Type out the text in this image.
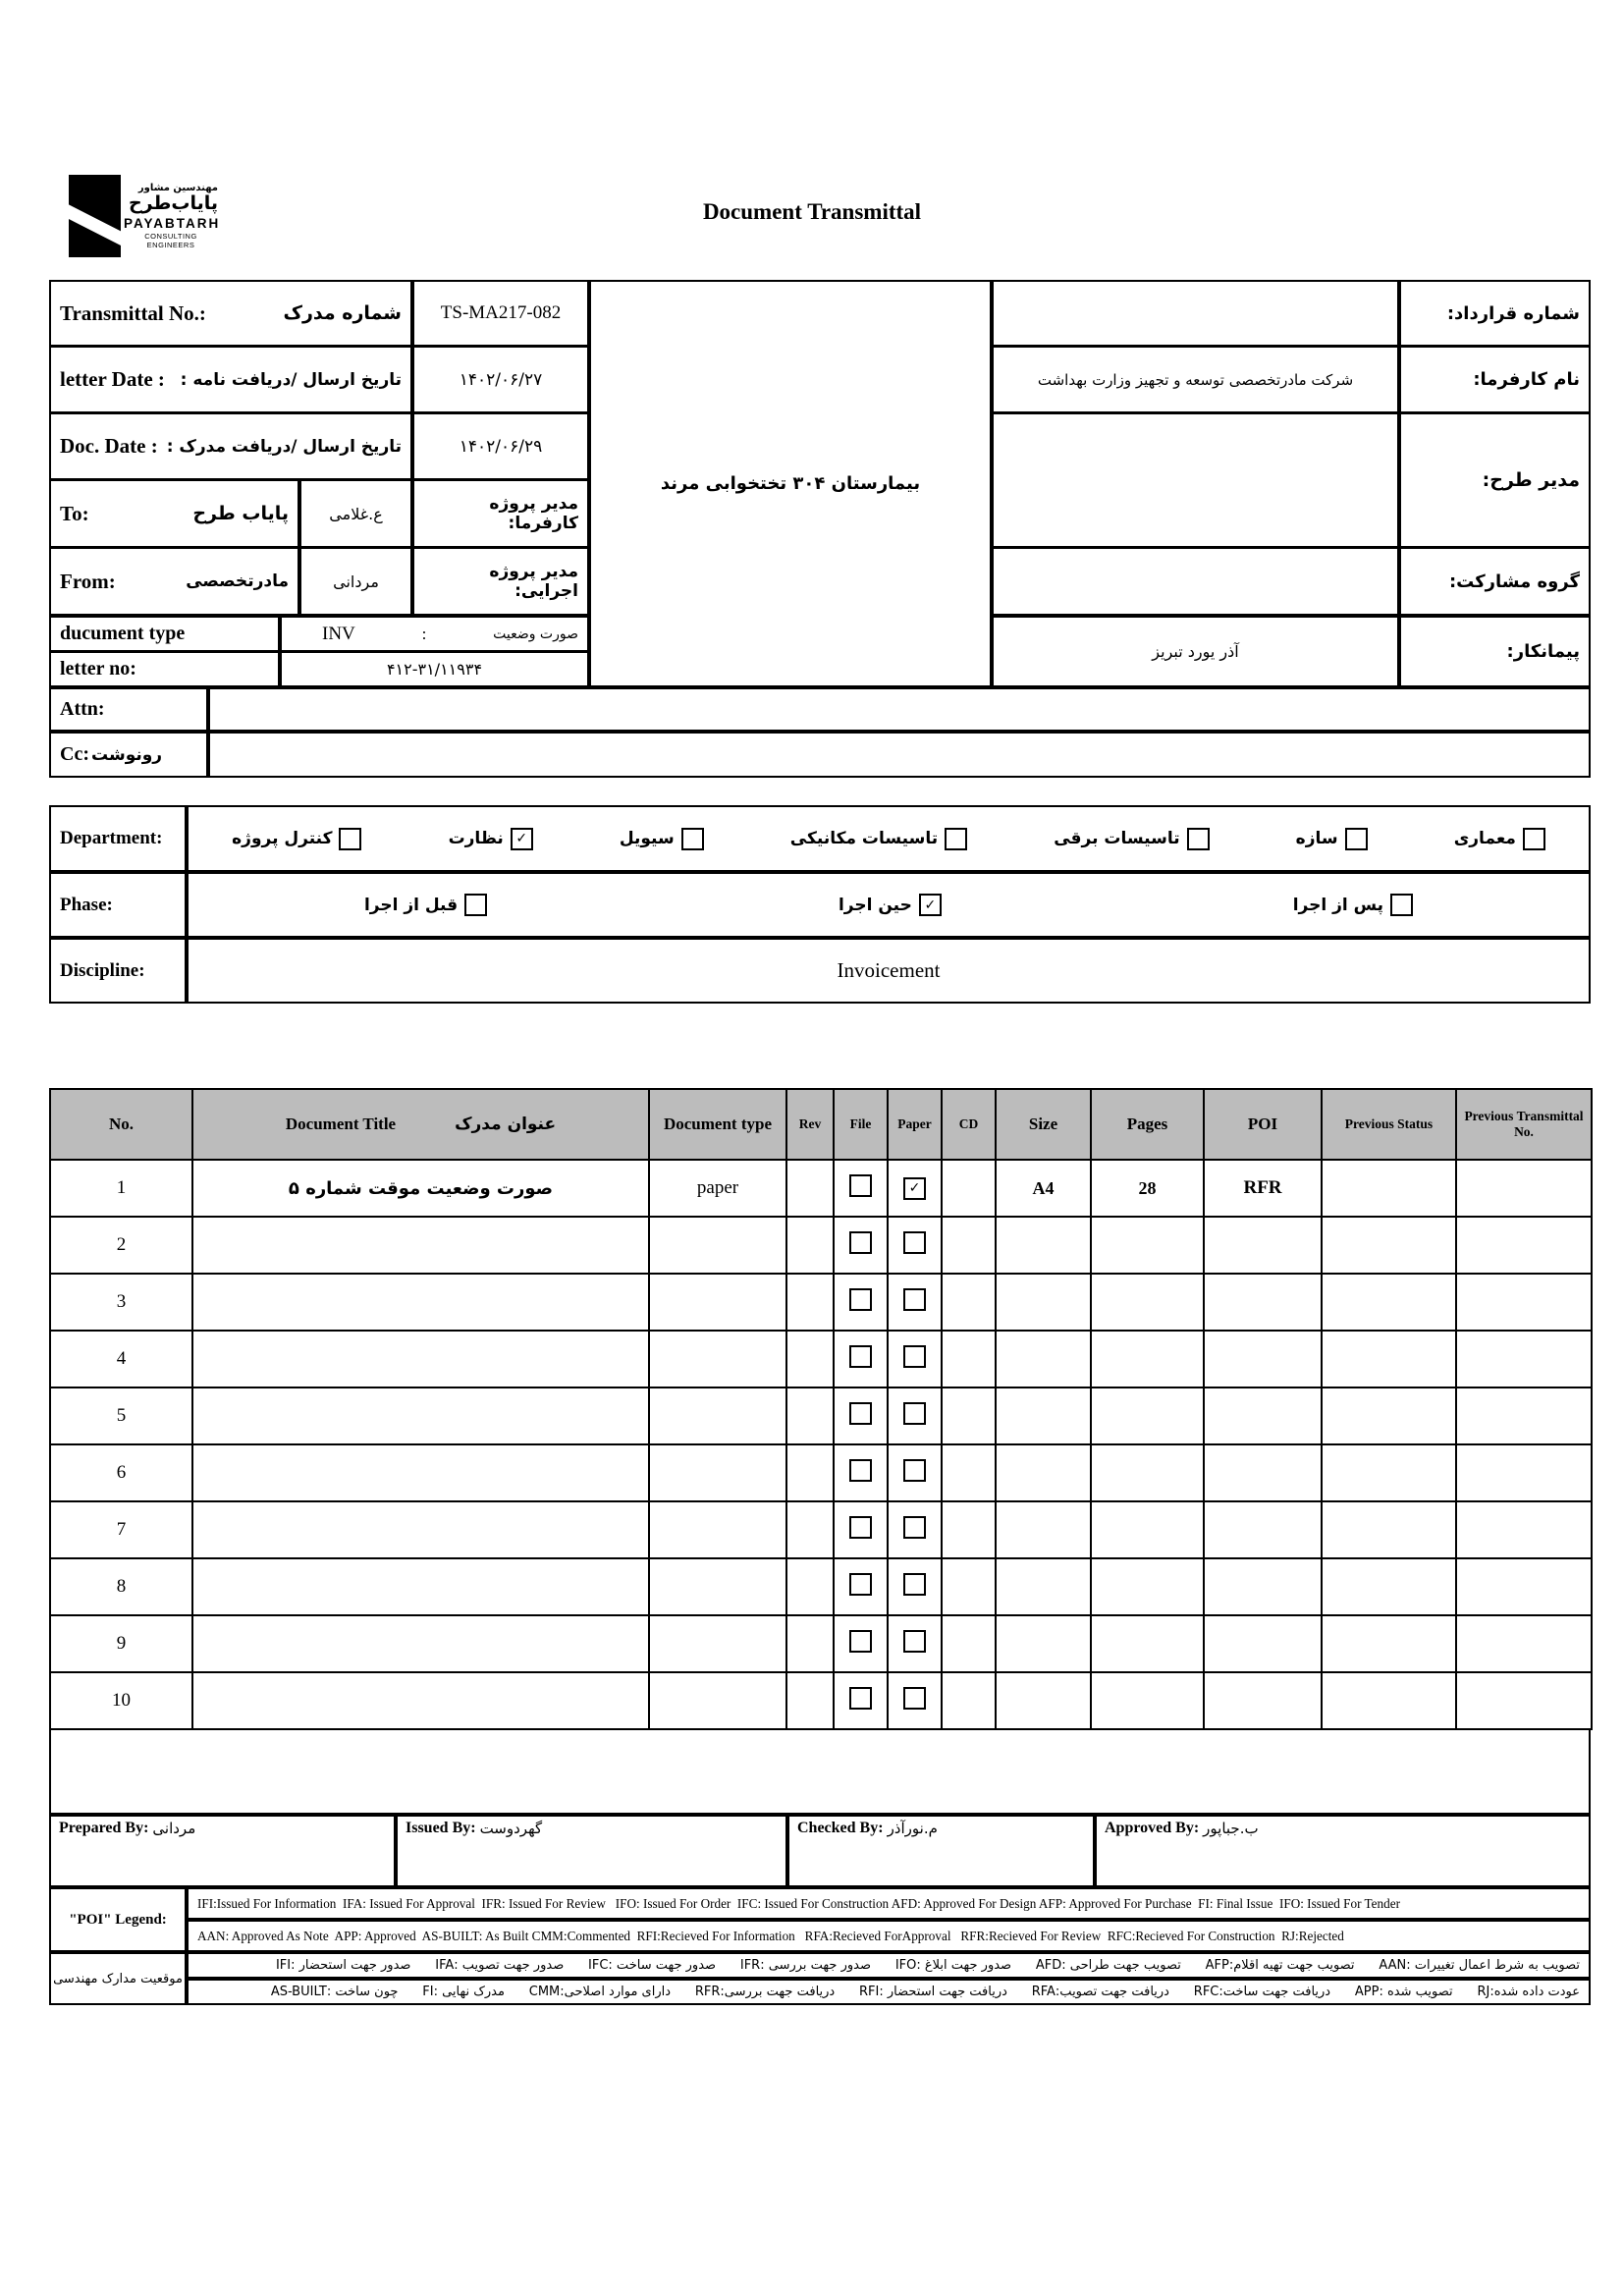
مهندسین مشاور
پایاب‌طرح
PAYABTARH
CONSULTING ENGINEERS
Document Transmittal
Transmittal No.:	شماره مدرک	TS-MA217-082
letter Date : تاریخ ارسال /دریافت نامه :	۱۴۰۲/۰۶/۲۷
Doc. Date : تاریخ ارسال /دریافت مدرک :	۱۴۰۲/۰۶/۲۹
To:	پایاب طرح	ع.غلامی	مدیر پروژه کارفرما:
From:	مادرتخصصی	مردانی	مدیر پروژه اجرایی:
ducument type	INV	:	صورت وضعیت
letter no:	۴۱۲-۳۱/۱۱۹۳۴
بیمارستان ۳۰۴ تختخوابی مرند
شماره قرارداد:
شرکت مادرتخصصی توسعه و تجهیز وزارت بهداشت	نام کارفرما:
مدیر طرح:
گروه مشارکت:
آذر یورد تبریز	پیمانکار:
Attn:
Cc: رونوشت
Department:	معماری
سازه
تاسیسات برقی
تاسیسات مکانیکی
سیویل
✓
نظارت
کنترل پروژه
Phase:	پس از اجرا
✓
حین اجرا
قبل از اجرا
Discipline:	Invoicement
No.	Document Title عنوان مدرک	Document type	Rev	File	Paper	CD	Size	Pages	POI	Previous Status	Previous Transmittal No.
1	صورت وضعیت موقت شماره ۵	paper			✓		A4	28	RFR		
2											
3											
4											
5											
6											
7											
8											
9											
10											
Prepared By: مردانی	Issued By: گهردوست	Checked By: م.نورآذر	Approved By: ب.جباپور
"POI" Legend:
IFI:Issued For Information  IFA: Issued For Approval  IFR: Issued For Review   IFO: Issued For Order  IFC: Issued For Construction AFD: Approved For Design AFP: Approved For Purchase  FI: Final Issue  IFO: Issued For Tender
AAN: Approved As Note  APP: Approved  AS-BUILT: As Built CMM:Commented  RFI:Recieved For Information   RFA:Recieved ForApproval   RFR:Recieved For Review  RFC:Recieved For Construction  RJ:Rejected
موقعیت مدارک مهندسی
تصویب به شرط اعمال تغییرات :AAN      تصویب جهت تهیه اقلام:AFP      تصویب جهت طراحی :AFD      صدور جهت ابلاغ :IFO      صدور جهت بررسی :IFR      صدور جهت ساخت :IFC      صدور جهت تصویب :IFA      صدور جهت استحضار :IFI
عودت داده شده:RJ      تصویب شده :APP      دریافت جهت ساخت:RFC      دریافت جهت تصویب:RFA      دریافت جهت استحضار :RFI      دریافت جهت بررسی:RFR      دارای موارد اصلاحی:CMM      مدرک نهایی :FI      چون ساخت :AS-BUILT
